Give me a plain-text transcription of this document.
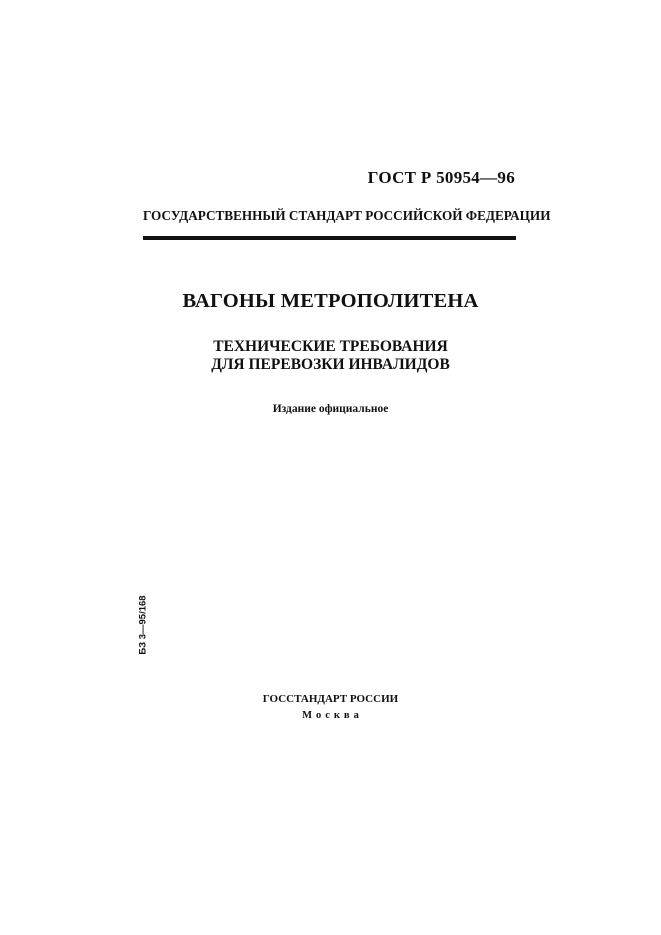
ГОСТ Р 50954—96
ГОСУДАРСТВЕННЫЙ СТАНДАРТ РОССИЙСКОЙ ФЕДЕРАЦИИ
ВАГОНЫ МЕТРОПОЛИТЕНА
ТЕХНИЧЕСКИЕ ТРЕБОВАНИЯ
ДЛЯ ПЕРЕВОЗКИ ИНВАЛИДОВ
Издание официальное
БЗ 3—95/168
ГОССТАНДАРТ РОССИИ
Москва
